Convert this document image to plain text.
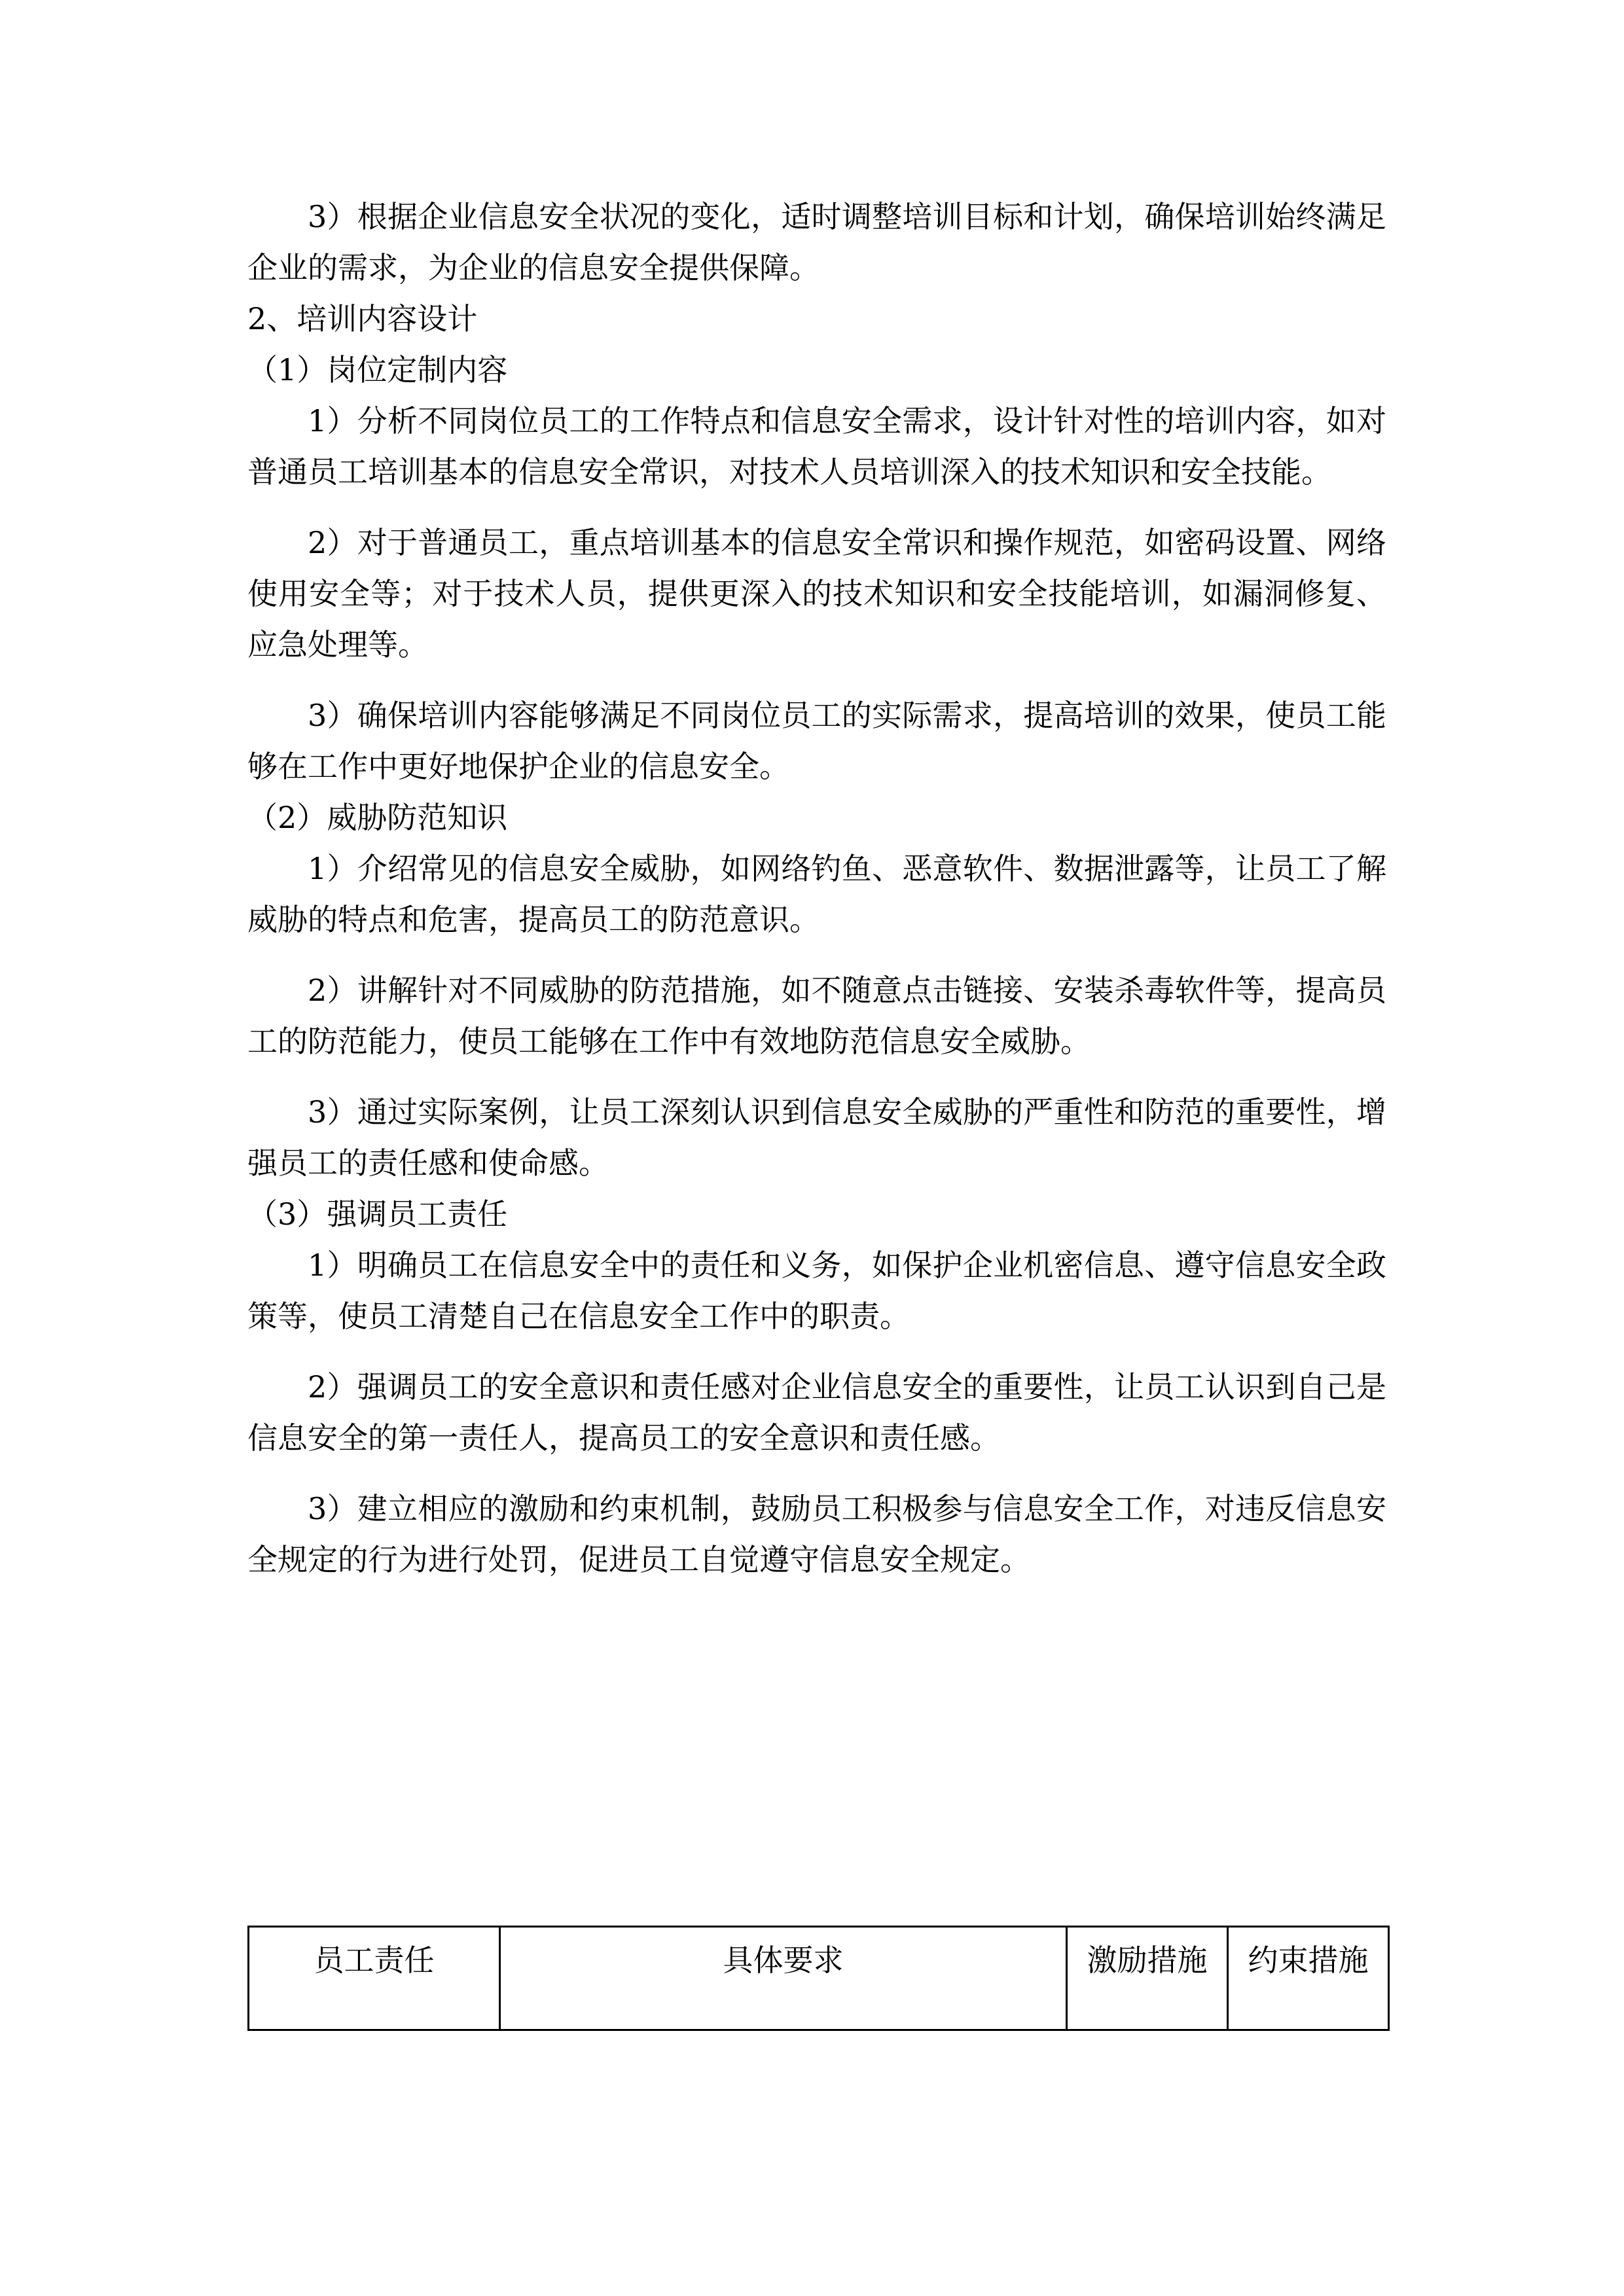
3）根据企业信息安全状况的变化，适时调整培训目标和计划，确保培训始终满足企业的需求，为企业的信息安全提供保障。

2、培训内容设计

（1）岗位定制内容

1）分析不同岗位员工的工作特点和信息安全需求，设计针对性的培训内容，如对普通员工培训基本的信息安全常识，对技术人员培训深入的技术知识和安全技能。

2）对于普通员工，重点培训基本的信息安全常识和操作规范，如密码设置、网络使用安全等；对于技术人员，提供更深入的技术知识和安全技能培训，如漏洞修复、应急处理等。

3）确保培训内容能够满足不同岗位员工的实际需求，提高培训的效果，使员工能够在工作中更好地保护企业的信息安全。

（2）威胁防范知识

1）介绍常见的信息安全威胁，如网络钓鱼、恶意软件、数据泄露等，让员工了解威胁的特点和危害，提高员工的防范意识。

2）讲解针对不同威胁的防范措施，如不随意点击链接、安装杀毒软件等，提高员工的防范能力，使员工能够在工作中有效地防范信息安全威胁。

3）通过实际案例，让员工深刻认识到信息安全威胁的严重性和防范的重要性，增强员工的责任感和使命感。

（3）强调员工责任

1）明确员工在信息安全中的责任和义务，如保护企业机密信息、遵守信息安全政策等，使员工清楚自己在信息安全工作中的职责。

2）强调员工的安全意识和责任感对企业信息安全的重要性，让员工认识到自己是信息安全的第一责任人，提高员工的安全意识和责任感。

3）建立相应的激励和约束机制，鼓励员工积极参与信息安全工作，对违反信息安全规定的行为进行处罚，促进员工自觉遵守信息安全规定。

员工责任	具体要求	激励措施	约束措施
